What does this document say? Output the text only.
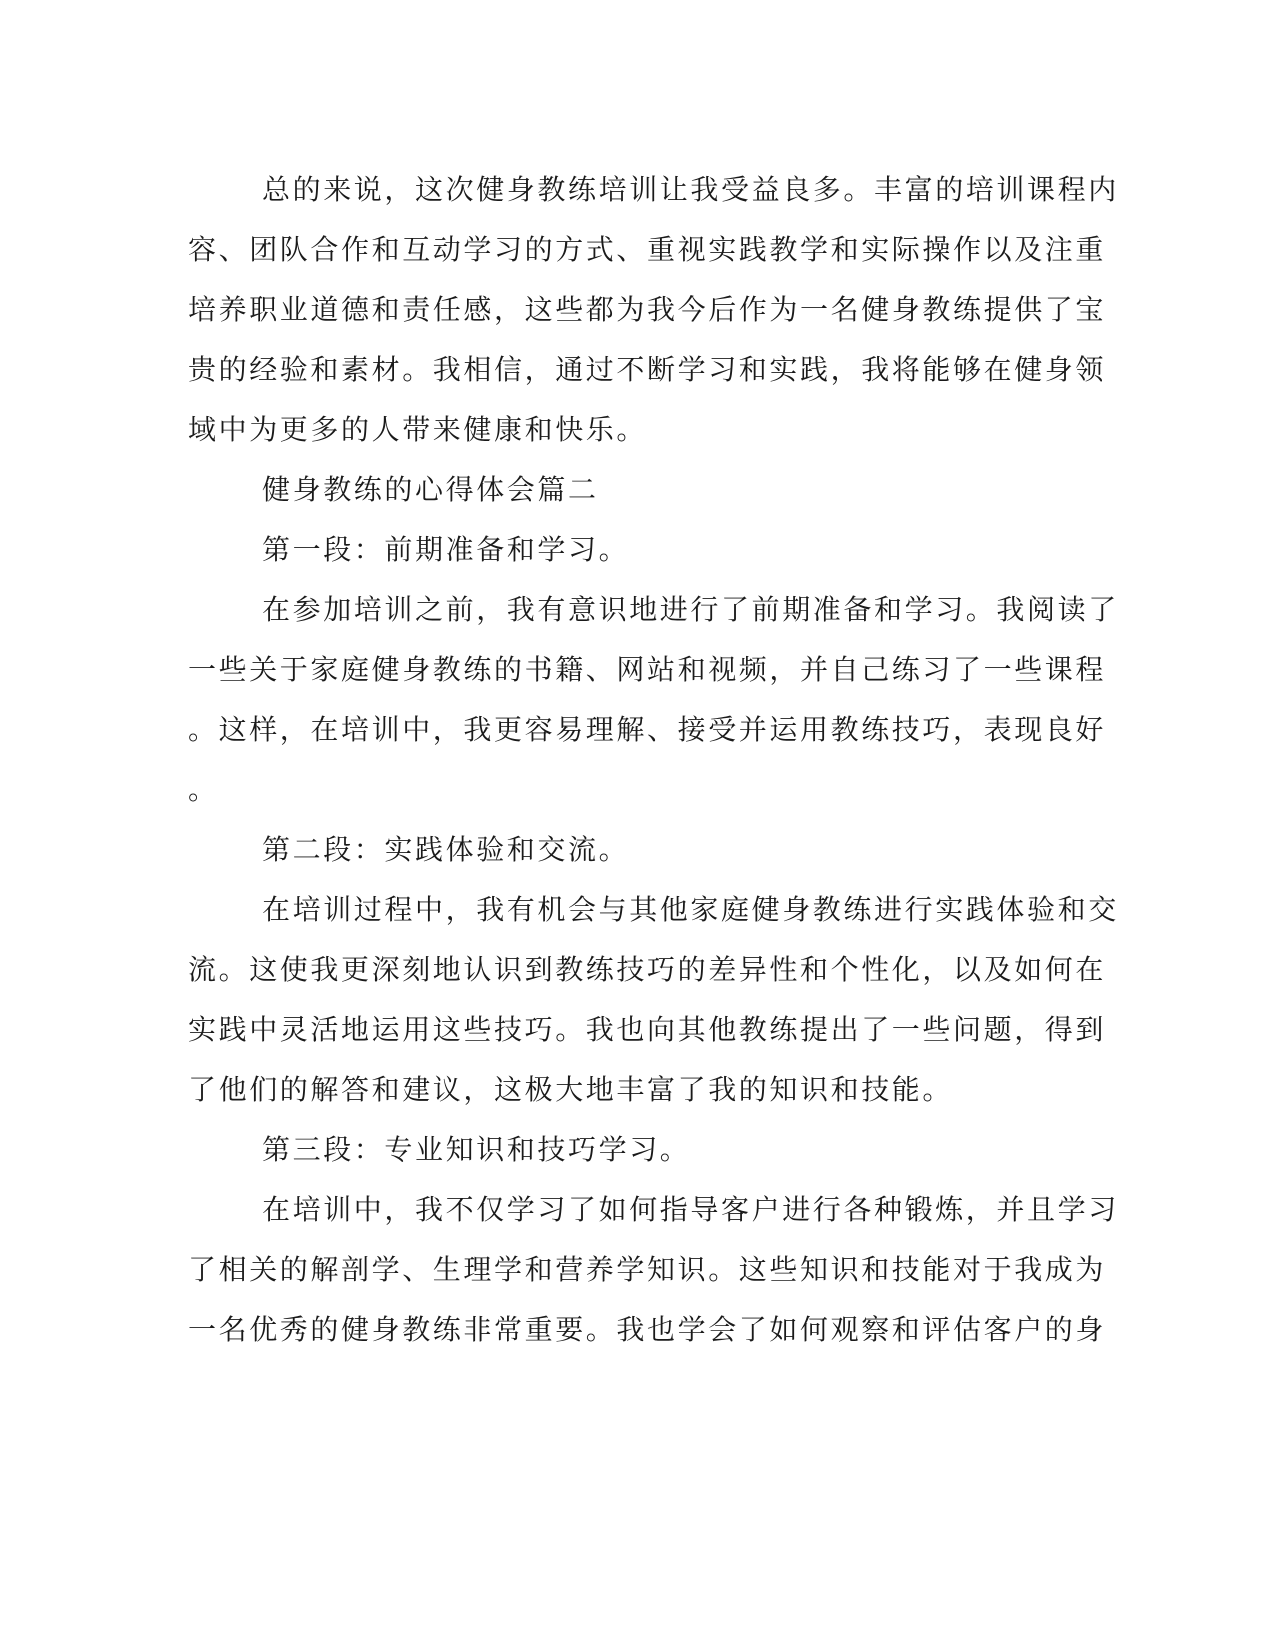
总的来说，这次健身教练培训让我受益良多。丰富的培训课程内
容、团队合作和互动学习的方式、重视实践教学和实际操作以及注重
培养职业道德和责任感，这些都为我今后作为一名健身教练提供了宝
贵的经验和素材。我相信，通过不断学习和实践，我将能够在健身领
域中为更多的人带来健康和快乐。
健身教练的心得体会篇二
第一段：前期准备和学习。
在参加培训之前，我有意识地进行了前期准备和学习。我阅读了
一些关于家庭健身教练的书籍、网站和视频，并自己练习了一些课程
。这样，在培训中，我更容易理解、接受并运用教练技巧，表现良好
。
第二段：实践体验和交流。
在培训过程中，我有机会与其他家庭健身教练进行实践体验和交
流。这使我更深刻地认识到教练技巧的差异性和个性化，以及如何在
实践中灵活地运用这些技巧。我也向其他教练提出了一些问题，得到
了他们的解答和建议，这极大地丰富了我的知识和技能。
第三段：专业知识和技巧学习。
在培训中，我不仅学习了如何指导客户进行各种锻炼，并且学习
了相关的解剖学、生理学和营养学知识。这些知识和技能对于我成为
一名优秀的健身教练非常重要。我也学会了如何观察和评估客户的身
